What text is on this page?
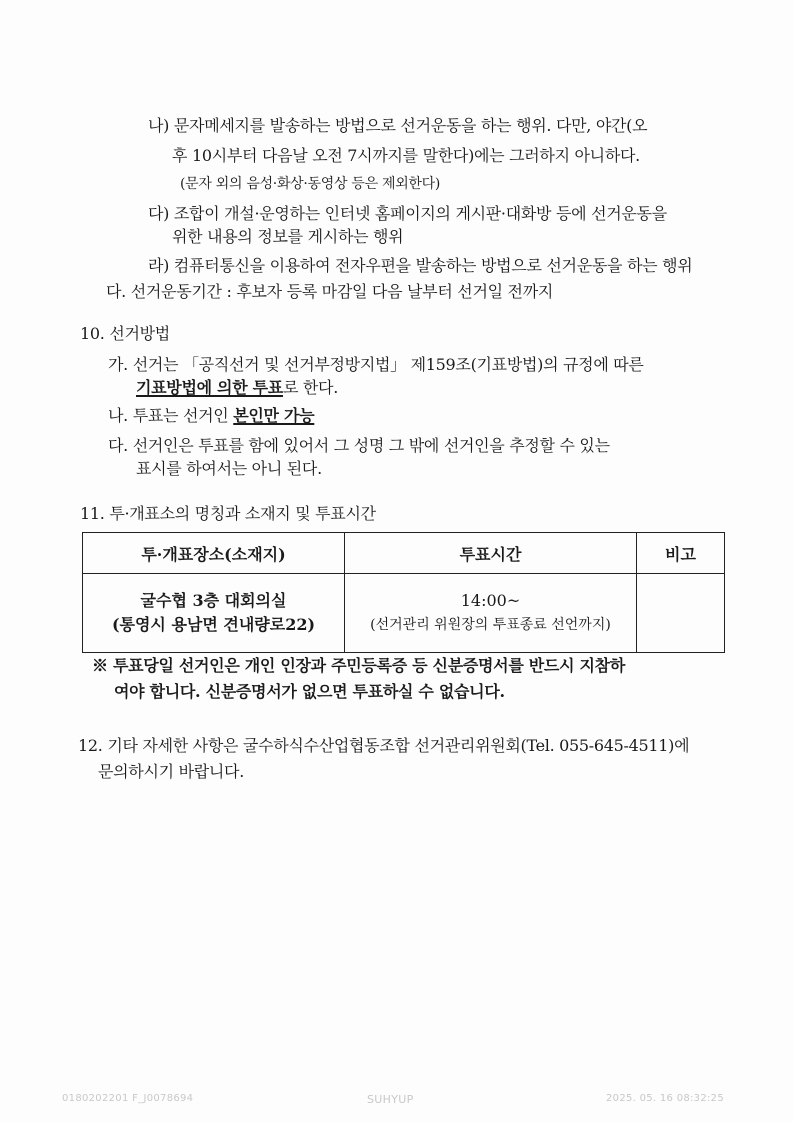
나) 문자메세지를 발송하는 방법으로 선거운동을 하는 행위. 다만, 야간(오
후 10시부터 다음날 오전 7시까지를 말한다)에는 그러하지 아니하다.
(문자 외의 음성·화상·동영상 등은 제외한다)
다) 조합이 개설·운영하는 인터넷 홈페이지의 게시판·대화방 등에 선거운동을
위한 내용의 정보를 게시하는 행위
라) 컴퓨터통신을 이용하여 전자우편을 발송하는 방법으로 선거운동을 하는 행위
다. 선거운동기간 : 후보자 등록 마감일 다음 날부터 선거일 전까지
10. 선거방법
가. 선거는 「공직선거 및 선거부정방지법」 제159조(기표방법)의 규정에 따른
기표방법에 의한 투표로 한다.
나. 투표는 선거인 본인만 가능
다. 선거인은 투표를 함에 있어서 그 성명 그 밖에 선거인을 추정할 수 있는
표시를 하여서는 아니 된다.
11. 투·개표소의 명칭과 소재지 및 투표시간
투·개표장소(소재지)	투표시간	비고

굴수협 3층 대회의실
(통영시 용남면 견내량로22)	14:00~
(선거관리 위원장의 투표종료 선언까지)	

※ 투표당일 선거인은 개인 인장과 주민등록증 등 신분증명서를 반드시 지참하
여야 합니다. 신분증명서가 없으면 투표하실 수 없습니다.
12. 기타 자세한 사항은 굴수하식수산업협동조합 선거관리위원회(Tel. 055-645-4511)에
문의하시기 바랍니다.
0180202201 F_J0078694	SUHYUP	2025. 05. 16 08:32:25
